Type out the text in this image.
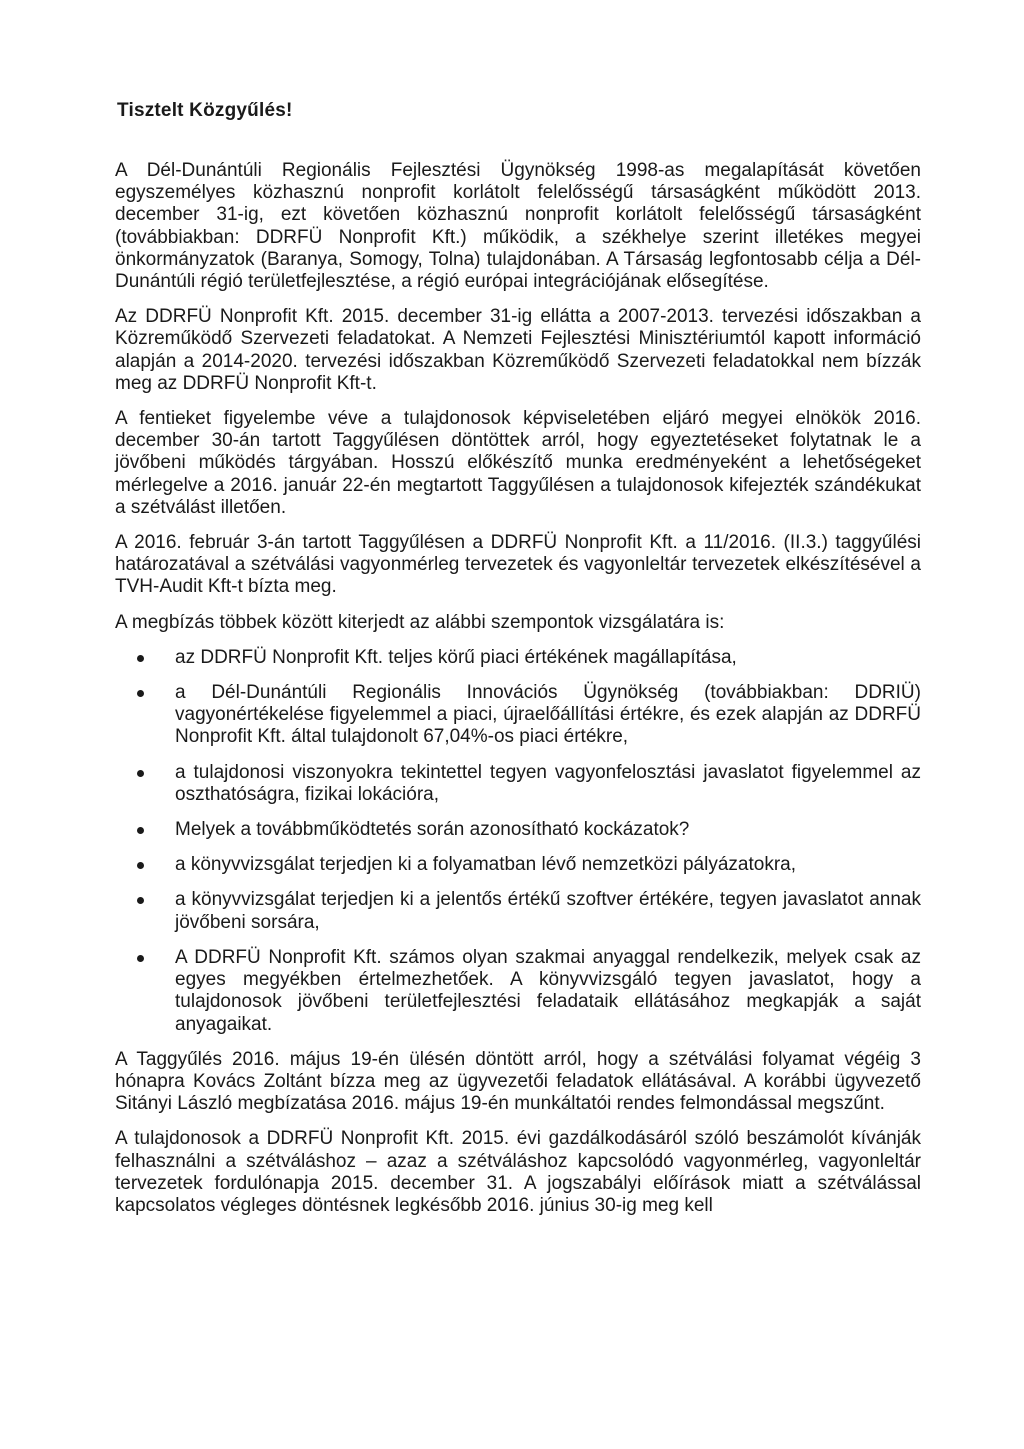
Tisztelt Közgyűlés!

A Dél-Dunántúli Regionális Fejlesztési Ügynökség 1998-as megalapítását követően egyszemélyes közhasznú nonprofit korlátolt felelősségű társaságként működött 2013. december 31-ig, ezt követően közhasznú nonprofit korlátolt felelősségű társaságként (továbbiakban: DDRFÜ Nonprofit Kft.) működik, a székhelye szerint illetékes megyei önkormányzatok (Baranya, Somogy, Tolna) tulajdonában. A Társaság legfontosabb célja a Dél-Dunántúli régió területfejlesztése, a régió európai integrációjának elősegítése.

Az DDRFÜ Nonprofit Kft. 2015. december 31-ig ellátta a 2007-2013. tervezési időszakban a Közreműködő Szervezeti feladatokat. A Nemzeti Fejlesztési Minisztériumtól kapott információ alapján a 2014-2020. tervezési időszakban Közreműködő Szervezeti feladatokkal nem bízzák meg az DDRFÜ Nonprofit Kft-t.

A fentieket figyelembe véve a tulajdonosok képviseletében eljáró megyei elnökök 2016. december 30-án tartott Taggyűlésen döntöttek arról, hogy egyeztetéseket folytatnak le a jövőbeni működés tárgyában. Hosszú előkészítő munka eredményeként a lehetőségeket mérlegelve a 2016. január 22-én megtartott Taggyűlésen a tulajdonosok kifejezték szándékukat a szétválást illetően.

A 2016. február 3-án tartott Taggyűlésen a DDRFÜ Nonprofit Kft. a 11/2016. (II.3.) taggyűlési határozatával a szétválási vagyonmérleg tervezetek és vagyonleltár tervezetek elkészítésével a TVH-Audit Kft-t bízta meg.

A megbízás többek között kiterjedt az alábbi szempontok vizsgálatára is:

az DDRFÜ Nonprofit Kft. teljes körű piaci értékének magállapítása,
a Dél-Dunántúli Regionális Innovációs Ügynökség (továbbiakban: DDRIÜ) vagyonértékelése figyelemmel a piaci, újraelőállítási értékre, és ezek alapján az DDRFÜ Nonprofit Kft. által tulajdonolt 67,04%-os piaci értékre,
a tulajdonosi viszonyokra tekintettel tegyen vagyonfelosztási javaslatot figyelemmel az oszthatóságra, fizikai lokációra,
Melyek a továbbműködtetés során azonosítható kockázatok?
a könyvvizsgálat terjedjen ki a folyamatban lévő nemzetközi pályázatokra,
a könyvvizsgálat terjedjen ki a jelentős értékű szoftver értékére, tegyen javaslatot annak jövőbeni sorsára,
A DDRFÜ Nonprofit Kft. számos olyan szakmai anyaggal rendelkezik, melyek csak az egyes megyékben értelmezhetőek. A könyvvizsgáló tegyen javaslatot, hogy a tulajdonosok jövőbeni területfejlesztési feladataik ellátásához megkapják a saját anyagaikat.

A Taggyűlés 2016. május 19-én ülésén döntött arról, hogy a szétválási folyamat végéig 3 hónapra Kovács Zoltánt bízza meg az ügyvezetői feladatok ellátásával. A korábbi ügyvezető Sitányi László megbízatása 2016. május 19-én munkáltatói rendes felmondással megszűnt.

A tulajdonosok a DDRFÜ Nonprofit Kft. 2015. évi gazdálkodásáról szóló beszámolót kívánják felhasználni a szétváláshoz – azaz a szétváláshoz kapcsolódó vagyonmérleg, vagyonleltár tervezetek fordulónapja 2015. december 31. A jogszabályi előírások miatt a szétválással kapcsolatos végleges döntésnek legkésőbb 2016. június 30-ig meg kell
